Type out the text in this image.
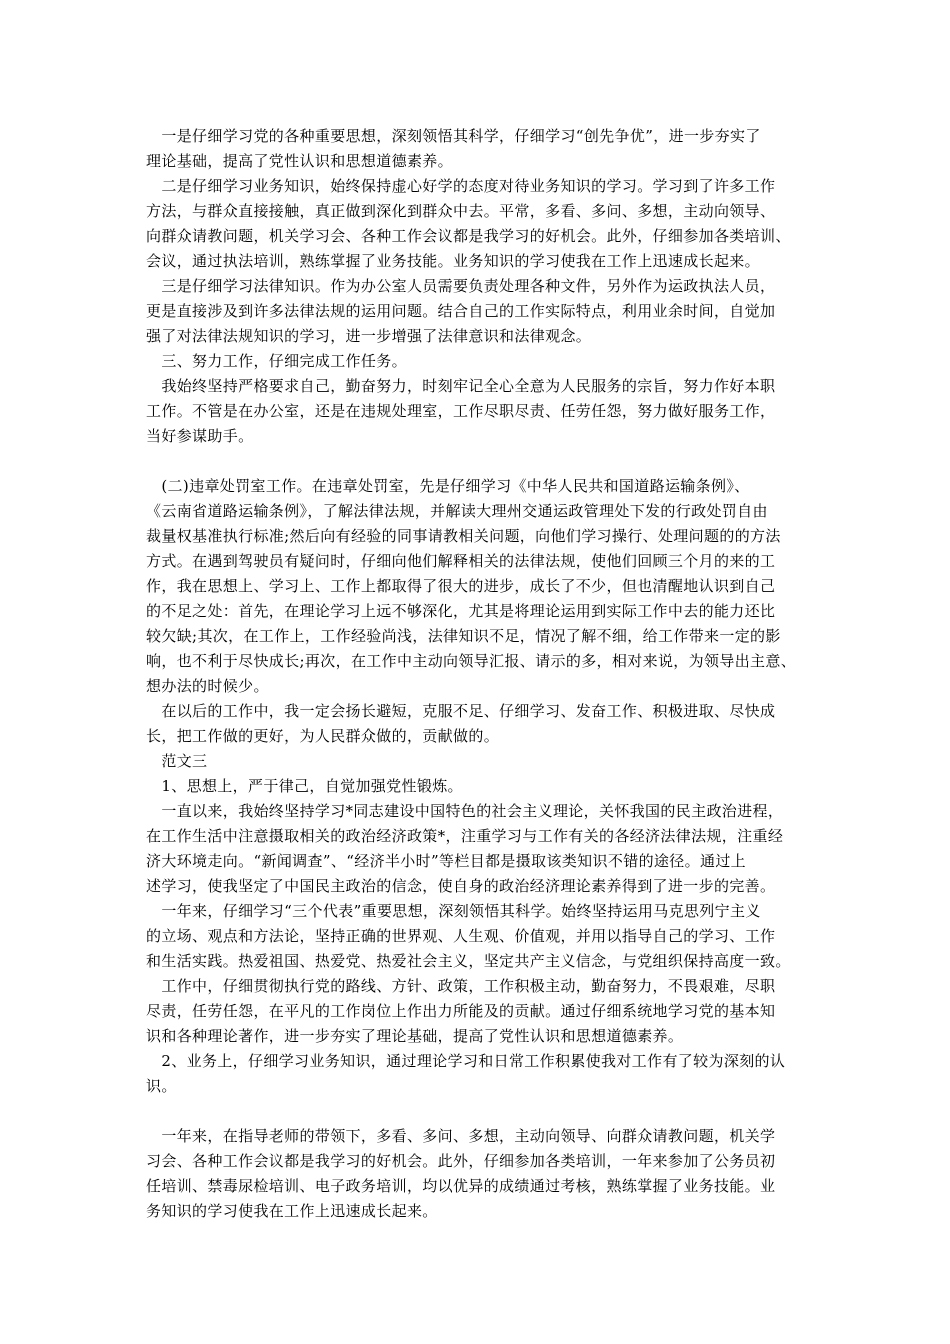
　一是仔细学习党的各种重要思想，深刻领悟其科学，仔细学习“创先争优”，进一步夯实了
理论基础，提高了党性认识和思想道德素养。
　二是仔细学习业务知识，始终保持虚心好学的态度对待业务知识的学习。学习到了许多工作
方法，与群众直接接触，真正做到深化到群众中去。平常，多看、多问、多想，主动向领导、
向群众请教问题，机关学习会、各种工作会议都是我学习的好机会。此外，仔细参加各类培训、
会议，通过执法培训，熟练掌握了业务技能。业务知识的学习使我在工作上迅速成长起来。
　三是仔细学习法律知识。作为办公室人员需要负责处理各种文件，另外作为运政执法人员，
更是直接涉及到许多法律法规的运用问题。结合自己的工作实际特点，利用业余时间，自觉加
强了对法律法规知识的学习，进一步增强了法律意识和法律观念。
　三、努力工作，仔细完成工作任务。
　我始终坚持严格要求自己，勤奋努力，时刻牢记全心全意为人民服务的宗旨，努力作好本职
工作。不管是在办公室，还是在违规处理室，工作尽职尽责、任劳任怨，努力做好服务工作，
当好参谋助手。
　(二)违章处罚室工作。在违章处罚室，先是仔细学习《中华人民共和国道路运输条例》、
《云南省道路运输条例》，了解法律法规，并解读大理州交通运政管理处下发的行政处罚自由
裁量权基准执行标准;然后向有经验的同事请教相关问题，向他们学习操行、处理问题的的方法
方式。在遇到驾驶员有疑问时，仔细向他们解释相关的法律法规，使他们回顾三个月的来的工
作，我在思想上、学习上、工作上都取得了很大的进步，成长了不少，但也清醒地认识到自己
的不足之处：首先，在理论学习上远不够深化，尤其是将理论运用到实际工作中去的能力还比
较欠缺;其次，在工作上，工作经验尚浅，法律知识不足，情况了解不细，给工作带来一定的影
响，也不利于尽快成长;再次，在工作中主动向领导汇报、请示的多，相对来说，为领导出主意、
想办法的时候少。
　在以后的工作中，我一定会扬长避短，克服不足、仔细学习、发奋工作、积极进取、尽快成
长，把工作做的更好，为人民群众做的，贡献做的。
　范文三
　1、思想上，严于律己，自觉加强党性锻炼。
　一直以来，我始终坚持学习*同志建设中国特色的社会主义理论，关怀我国的民主政治进程，
在工作生活中注意摄取相关的政治经济政策*，注重学习与工作有关的各经济法律法规，注重经
济大环境走向。“新闻调查”、“经济半小时”等栏目都是摄取该类知识不错的途径。通过上
述学习，使我坚定了中国民主政治的信念，使自身的政治经济理论素养得到了进一步的完善。
　一年来，仔细学习“三个代表”重要思想，深刻领悟其科学。始终坚持运用马克思列宁主义
的立场、观点和方法论，坚持正确的世界观、人生观、价值观，并用以指导自己的学习、工作
和生活实践。热爱祖国、热爱党、热爱社会主义，坚定共产主义信念，与党组织保持高度一致。
　工作中，仔细贯彻执行党的路线、方针、政策，工作积极主动，勤奋努力，不畏艰难，尽职
尽责，任劳任怨，在平凡的工作岗位上作出力所能及的贡献。通过仔细系统地学习党的基本知
识和各种理论著作，进一步夯实了理论基础，提高了党性认识和思想道德素养。
　2、业务上，仔细学习业务知识，通过理论学习和日常工作积累使我对工作有了较为深刻的认
识。
　一年来，在指导老师的带领下，多看、多问、多想，主动向领导、向群众请教问题，机关学
习会、各种工作会议都是我学习的好机会。此外，仔细参加各类培训，一年来参加了公务员初
任培训、禁毒尿检培训、电子政务培训，均以优异的成绩通过考核，熟练掌握了业务技能。业
务知识的学习使我在工作上迅速成长起来。
